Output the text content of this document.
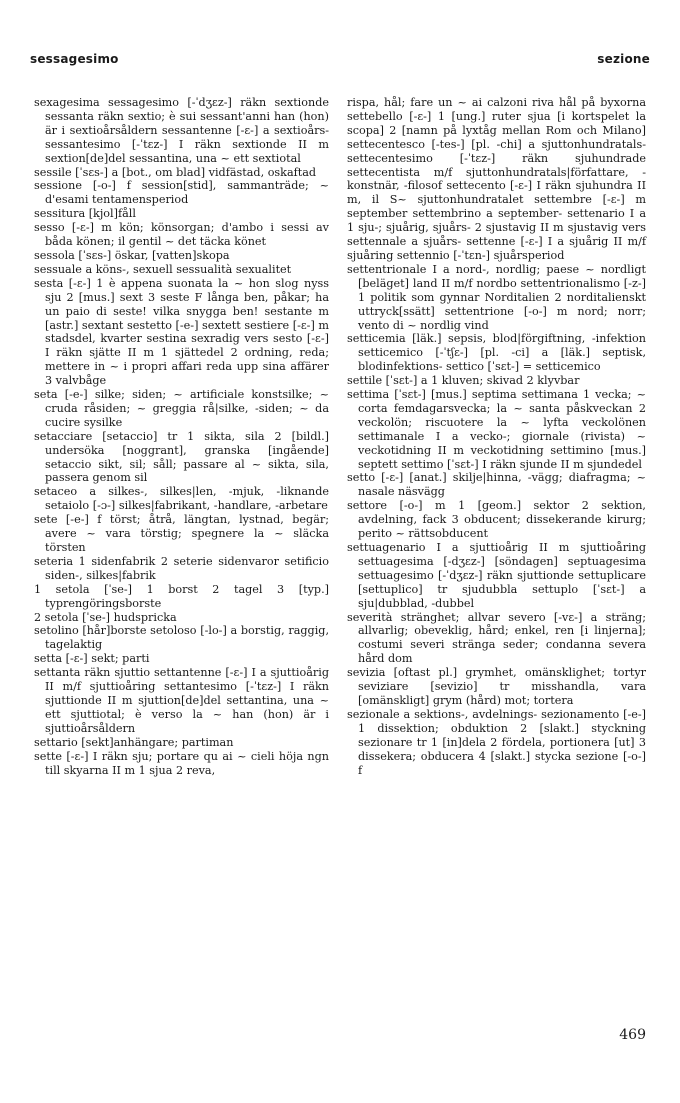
sessagesimo	sezione

sexagesima sessagesimo [-ˈdʒɛz-] räkn sextionde sessanta räkn sextio; è sui sessant'anni han (hon) är i sextioårsåldern sessantenne [-ɛ-] a sextioårs- sessantesimo [-ˈtɛz-] I räkn sextionde II m sextion[de]del sessantina, una ~ ett sextiotal

sessile [ˈsɛs-] a [bot., om blad] vidfästad, oskaftad

sessione [-o-] f session[stid], sammanträde; ~ d'esami tentamensperiod

sessitura [kjol]fåll

sesso [-ɛ-] m kön; könsorgan; d'ambo i sessi av båda könen; il gentil ~ det täcka könet

sessola [ˈsɛs-] öskar, [vatten]skopa

sessuale a köns-, sexuell sessualità sexualitet

sesta [-ɛ-] 1 è appena suonata la ~ hon slog nyss sju 2 [mus.] sext 3 seste F långa ben, påkar; ha un paio di seste! vilka snygga ben! sestante m [astr.] sextant sestetto [-e-] sextett sestiere [-ɛ-] m stadsdel, kvarter sestina sexradig vers sesto [-ɛ-] I räkn sjätte II m 1 sjättedel 2 ordning, reda; mettere in ~ i propri affari reda upp sina affärer 3 valvbåge

seta [-e-] silke; siden; ~ artificiale konstsilke; ~ cruda råsiden; ~ greggia rå|silke, -siden; ~ da cucire sysilke

setacciare [setaccio] tr 1 sikta, sila 2 [bildl.] undersöka [noggrant], granska [ingående] setaccio sikt, sil; såll; passare al ~ sikta, sila, passera genom sil

setaceo a silkes-, silkes|len, -mjuk, -liknande setaiolo [-ɔ-] silkes|fabrikant, -handlare, -arbetare

sete [-e-] f törst; åtrå, längtan, lystnad, begär; avere ~ vara törstig; spegnere la ~ släcka törsten

seteria 1 sidenfabrik 2 seterie sidenvaror setificio siden-, silkes|fabrik

1 setola [ˈse-] 1 borst 2 tagel 3 [typ.] typrengöringsborste

2 setola [ˈse-] hudspricka

setolino [hår]borste setoloso [-lo-] a borstig, raggig, tagelaktig

setta [-ɛ-] sekt; parti

settanta räkn sjuttio settantenne [-ɛ-] I a sjuttioårig II m/f sjuttioåring settantesimo [-ˈtɛz-] I räkn sjuttionde II m sjuttion[de]del settantina, una ~ ett sjuttiotal; è verso la ~ han (hon) är i sjuttioårsåldern

settario [sekt]anhängare; partiman

sette [-ɛ-] I räkn sju; portare qu ai ~ cieli höja ngn till skyarna II m 1 sjua 2 reva,

rispa, hål; fare un ~ ai calzoni riva hål på byxorna settebello [-ɛ-] 1 [ung.] ruter sjua [i kortspelet la scopa] 2 [namn på lyxtåg mellan Rom och Milano] settecentesco [-tes-] [pl. -chi] a sjuttonhundratals- settecentesimo [-ˈtɛz-] räkn sjuhundrade settecentista m/f sjuttonhundratals|författare, -konstnär, -filosof settecento [-ɛ-] I räkn sjuhundra II m, il S~ sjuttonhundratalet settembre [-ɛ-] m september settembrino a september- settenario I a 1 sju-; sjuårig, sjuårs- 2 sjustavig II m sjustavig vers settennale a sjuårs- settenne [-ɛ-] I a sjuårig II m/f sjuåring settennio [-ˈtɛn-] sjuårsperiod

settentrionale I a nord-, nordlig; paese ~ nordligt [beläget] land II m/f nordbo settentrionalismo [-z-] 1 politik som gynnar Norditalien 2 norditalienskt uttryck[ssätt] settentrione [-o-] m nord; norr; vento di ~ nordlig vind

setticemia [läk.] sepsis, blod|förgiftning, -infektion setticemico [-ˈtʃɛ-] [pl. -ci] a [läk.] septisk, blodinfektions- settico [ˈsɛt-] = setticemico

settile [ˈsɛt-] a 1 kluven; skivad 2 klyvbar

settima [ˈsɛt-] [mus.] septima settimana 1 vecka; ~ corta femdagarsvecka; la ~ santa påskveckan 2 veckolön; riscuotere la ~ lyfta veckolönen settimanale I a vecko-; giornale (rivista) ~ veckotidning II m veckotidning settimino [mus.] septett settimo [ˈsɛt-] I räkn sjunde II m sjundedel

setto [-ɛ-] [anat.] skilje|hinna, -vägg; diafragma; ~ nasale näsvägg

settore [-o-] m 1 [geom.] sektor 2 sektion, avdelning, fack 3 obducent; dissekerande kirurg; perito ~ rättsobducent

settuagenario I a sjuttioårig II m sjuttioåring settuagesima [-dʒɛz-] [söndagen] septuagesima settuagesimo [-ˈdʒɛz-] räkn sjuttionde settuplicare [settuplico] tr sjudubbla settuplo [ˈsɛt-] a sju|dubblad, -dubbel

severità stränghet; allvar severo [-vɛ-] a sträng; allvarlig; obeveklig, hård; enkel, ren [i linjerna]; costumi severi stränga seder; condanna severa hård dom

sevizia [oftast pl.] grymhet, omänsklighet; tortyr seviziare [sevizio] tr misshandla, vara [omänskligt] grym (hård) mot; tortera

sezionale a sektions-, avdelnings- sezionamento [-e-] 1 dissektion; obduktion 2 [slakt.] styckning sezionare tr 1 [in]dela 2 fördela, portionera [ut] 3 dissekera; obducera 4 [slakt.] stycka sezione [-o-] f

469
